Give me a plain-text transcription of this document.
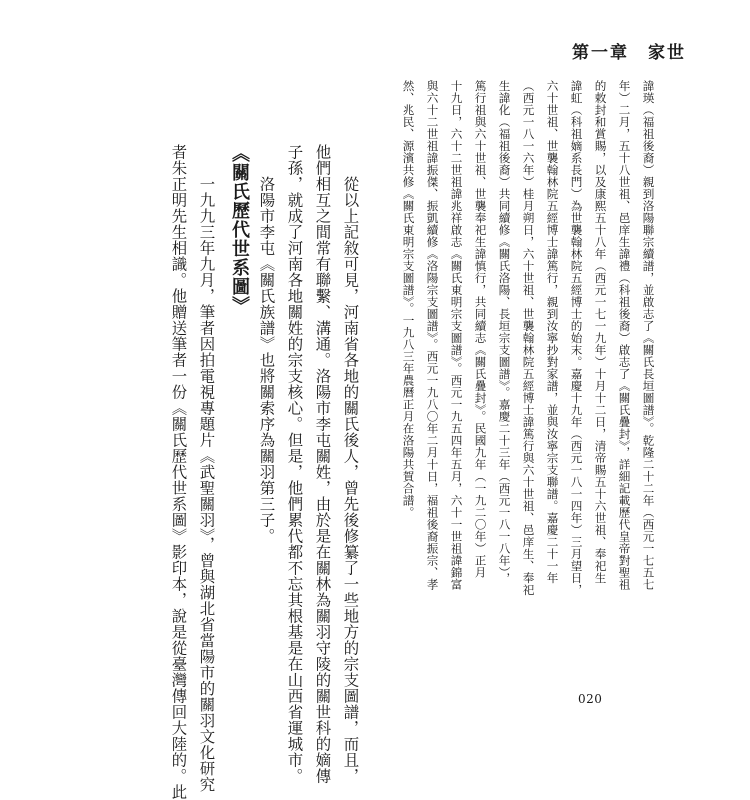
第一章　家世
諱瑛（福祖後裔）親到洛陽聯宗續譜，並啟志了《關氏長垣圖譜》。乾隆二十二年（西元一七五七
年）二月，五十八世祖、邑庠生諱禮（科祖後裔）啟志了《關氏疊封》，詳細記載歷代皇帝對聖祖
的敕封和賞賜，以及康熙五十八年（西元一七一九年）十月十二日，清帝賜五十六世祖、奉祀生
諱虹（科祖嫡系長門）為世襲翰林院五經博士的始末。嘉慶十九年（西元一八一四年）三月望日，
六十世祖、世襲翰林院五經博士諱篤行，親到汝寧抄對家譜，並與汝寧宗支聯譜。嘉慶二十一年
（西元一八一六年）桂月朔日，六十世祖、世襲翰林院五經博士諱篤行與六十世祖、邑庠生、奉祀
生諱化（福祖後裔）共同續修《關氏洛陽、長垣宗支圖譜》。嘉慶二十三年（西元一八一八年），
篤行祖與六十世祖、世襲奉祀生諱慎行，共同續志《關氏疊封》。民國九年（一九二〇年）正月
十九日，六十二世祖諱兆祥啟志《關氏東明宗支圖譜》。西元一九五四年五月，六十一世祖諱錦富
與六十二世祖諱振傑、振凱續修《洛陽宗支圖譜》。西元一九八〇年二月十日，福祖後裔振宗、孝
然、兆民、源濱共修《關氏東明宗支圖譜》。一九八三年農曆正月在洛陽共賀合譜。
從以上記敘可見，河南省各地的關氏後人，曾先後修纂了一些地方的宗支圖譜，而且，
他們相互之間常有聯繫、溝通。洛陽市李屯關姓，由於是在關林為關羽守陵的關世科的嫡傳
子孫，就成了河南各地關姓的宗支核心。但是，他們累代都不忘其根基是在山西省運城市。
洛陽市李屯《關氏族譜》也將關索序為關羽第三子。
《關氏歷代世系圖》
一九九三年九月，筆者因拍電視專題片《武聖關羽》，曾與湖北省當陽市的關羽文化研究
者朱正明先生相識。他贈送筆者一份《關氏歷代世系圖》影印本，說是從臺灣傳回大陸的。此	020
